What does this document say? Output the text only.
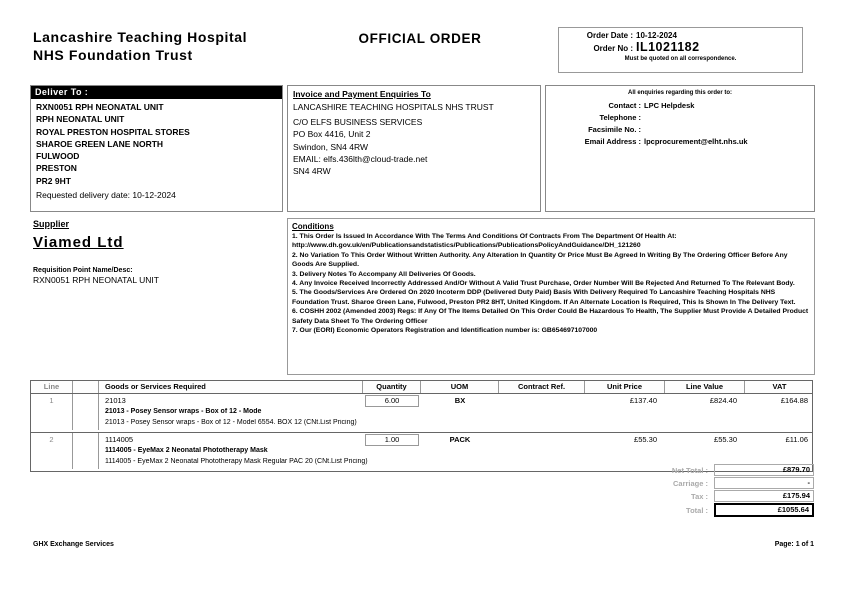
Lancashire Teaching Hospital
NHS Foundation Trust
OFFICIAL ORDER	Order Date : 10-12-2024
Order No : IL1021182
Must be quoted on all correspondence.
Deliver To :
RXN0051 RPH NEONATAL UNIT
RPH NEONATAL UNIT
ROYAL PRESTON HOSPITAL STORES
SHAROE GREEN LANE NORTH
FULWOOD
PRESTON
PR2 9HT
Requested delivery date: 10-12-2024
Invoice and Payment Enquiries To
LANCASHIRE TEACHING HOSPITALS NHS TRUST
C/O ELFS BUSINESS SERVICES
PO Box 4416, Unit 2
Swindon, SN4 4RW
EMAIL: elfs.436lth@cloud-trade.net
SN4 4RW
All enquiries regarding this order to:
Contact : LPC Helpdesk
Telephone :
Facsimile No. :
Email Address : lpcprocurement@elht.nhs.uk
Supplier
Viamed Ltd
Requisition Point Name/Desc:
RXN0051 RPH NEONATAL UNIT
Conditions
1. This Order Is Issued In Accordance With The Terms And Conditions Of Contracts From The Department Of Health At: http://www.dh.gov.uk/en/Publicationsandstatistics/Publications/PublicationsPolicyAndGuidance/DH_121260
2. No Variation To This Order Without Written Authority. Any Alteration In Quantity Or Price Must Be Agreed In Writing By The Ordering Officer Before Any Goods Are Supplied.
3. Delivery Notes To Accompany All Deliveries Of Goods.
4. Any Invoice Received Incorrectly Addressed And/Or Without A Valid Trust Purchase, Order Number Will Be Rejected And Returned To The Relevant Body.
5. The Goods/Services Are Ordered On 2020 Incoterm DDP (Delivered Duty Paid) Basis With Delivery Required To Lancashire Teaching Hospitals NHS Foundation Trust. Sharoe Green Lane, Fulwood, Preston PR2 8HT, United Kingdom. If An Alternate Location Is Required, This Is Shown In The Delivery Text.
6. COSHH 2002 (Amended 2003) Regs: If Any Of The Items Detailed On This Order Could Be Hazardous To Health, The Supplier Must Provide A Detailed Product Safety Data Sheet To The Ordering Officer
7. Our (EORI) Economic Operators Registration and Identification number is: GB654697107000
Line	Goods or Services Required	Quantity	UOM	Contract Ref.	Unit Price	Line Value	VAT
1	21013	6.00	BX	£137.40	£824.40	£164.88
21013 - Posey Sensor wraps - Box of 12 - Mode
21013 - Posey Sensor wraps - Box of 12 - Model 6554. BOX 12 (CNt.List Pricing)
2	1114005	1.00	PACK	£55.30	£55.30	£11.06
1114005 - EyeMax 2 Neonatal Phototherapy Mask
1114005 - EyeMax 2 Neonatal Phototherapy Mask Regular PAC 20 (CNt.List Pricing)
Net Total :	£879.70
Carriage :	-
Tax :	£175.94
Total :	£1055.64
GHX Exchange Services	Page: 1 of 1
